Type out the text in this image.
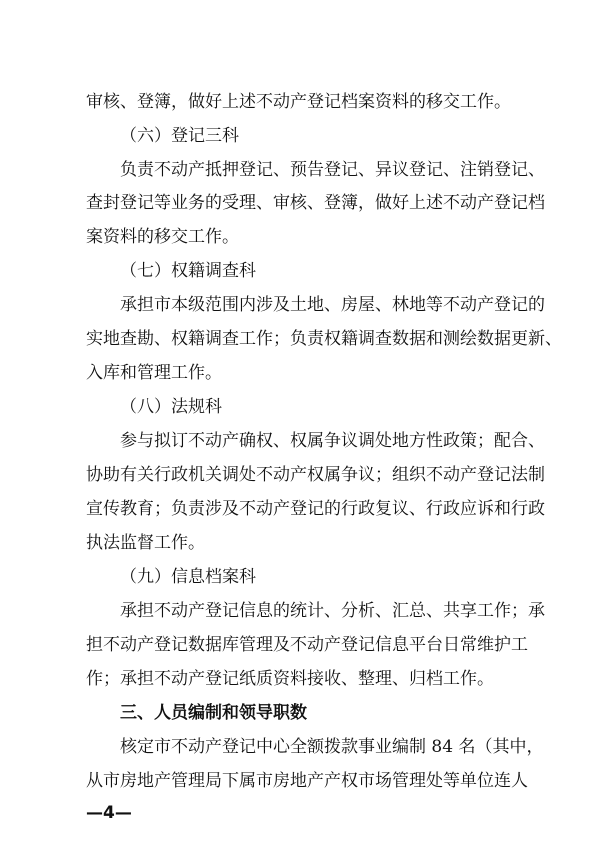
审核、登簿，做好上述不动产登记档案资料的移交工作。
（六）登记三科
负责不动产抵押登记、预告登记、异议登记、注销登记、
查封登记等业务的受理、审核、登簿，做好上述不动产登记档
案资料的移交工作。
（七）权籍调查科
承担市本级范围内涉及土地、房屋、林地等不动产登记的
实地查勘、权籍调查工作；负责权籍调查数据和测绘数据更新、
入库和管理工作。
（八）法规科
参与拟订不动产确权、权属争议调处地方性政策；配合、
协助有关行政机关调处不动产权属争议；组织不动产登记法制
宣传教育；负责涉及不动产登记的行政复议、行政应诉和行政
执法监督工作。
（九）信息档案科
承担不动产登记信息的统计、分析、汇总、共享工作；承
担不动产登记数据库管理及不动产登记信息平台日常维护工
作；承担不动产登记纸质资料接收、整理、归档工作。
三、人员编制和领导职数
核定市不动产登记中心全额拨款事业编制 84 名（其中，
从市房地产管理局下属市房地产产权市场管理处等单位连人
—4—
